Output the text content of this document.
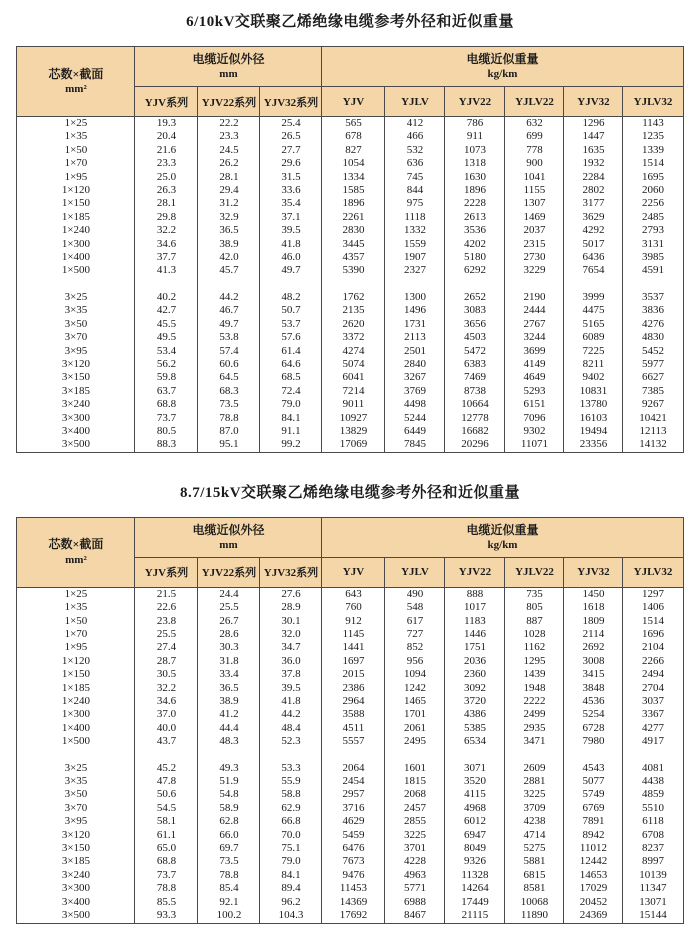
6/10kV交联聚乙烯绝缘电缆参考外径和近似重量
芯数×截面
mm²

电缆近似外径
mm

电缆近似重量
kg/km

	YJV系列	YJV22系列	YJV32系列	YJV	YJLV	YJV22	YJLV22	YJV32	YJLV32
1×25	19.3	22.2	25.4	565	412	786	632	1296	1143
1×35	20.4	23.3	26.5	678	466	911	699	1447	1235
1×50	21.6	24.5	27.7	827	532	1073	778	1635	1339
1×70	23.3	26.2	29.6	1054	636	1318	900	1932	1514
1×95	25.0	28.1	31.5	1334	745	1630	1041	2284	1695
1×120	26.3	29.4	33.6	1585	844	1896	1155	2802	2060
1×150	28.1	31.2	35.4	1896	975	2228	1307	3177	2256
1×185	29.8	32.9	37.1	2261	1118	2613	1469	3629	2485
1×240	32.2	36.5	39.5	2830	1332	3536	2037	4292	2793
1×300	34.6	38.9	41.8	3445	1559	4202	2315	5017	3131
1×400	37.7	42.0	46.0	4357	1907	5180	2730	6436	3985
1×500	41.3	45.7	49.7	5390	2327	6292	3229	7654	4591

3×25	40.2	44.2	48.2	1762	1300	2652	2190	3999	3537
3×35	42.7	46.7	50.7	2135	1496	3083	2444	4475	3836
3×50	45.5	49.7	53.7	2620	1731	3656	2767	5165	4276
3×70	49.5	53.8	57.6	3372	2113	4503	3244	6089	4830
3×95	53.4	57.4	61.4	4274	2501	5472	3699	7225	5452
3×120	56.2	60.6	64.6	5074	2840	6383	4149	8211	5977
3×150	59.8	64.5	68.5	6041	3267	7469	4649	9402	6627
3×185	63.7	68.3	72.4	7214	3769	8738	5293	10831	7385
3×240	68.8	73.5	79.0	9011	4498	10664	6151	13780	9267
3×300	73.7	78.8	84.1	10927	5244	12778	7096	16103	10421
3×400	80.5	87.0	91.1	13829	6449	16682	9302	19494	12113
3×500	88.3	95.1	99.2	17069	7845	20296	11071	23356	14132
8.7/15kV交联聚乙烯绝缘电缆参考外径和近似重量
芯数×截面
mm²

电缆近似外径
mm

电缆近似重量
kg/km

	YJV系列	YJV22系列	YJV32系列	YJV	YJLV	YJV22	YJLV22	YJV32	YJLV32
1×25	21.5	24.4	27.6	643	490	888	735	1450	1297
1×35	22.6	25.5	28.9	760	548	1017	805	1618	1406
1×50	23.8	26.7	30.1	912	617	1183	887	1809	1514
1×70	25.5	28.6	32.0	1145	727	1446	1028	2114	1696
1×95	27.4	30.3	34.7	1441	852	1751	1162	2692	2104
1×120	28.7	31.8	36.0	1697	956	2036	1295	3008	2266
1×150	30.5	33.4	37.8	2015	1094	2360	1439	3415	2494
1×185	32.2	36.5	39.5	2386	1242	3092	1948	3848	2704
1×240	34.6	38.9	41.8	2964	1465	3720	2222	4536	3037
1×300	37.0	41.2	44.2	3588	1701	4386	2499	5254	3367
1×400	40.0	44.4	48.4	4511	2061	5385	2935	6728	4277
1×500	43.7	48.3	52.3	5557	2495	6534	3471	7980	4917

3×25	45.2	49.3	53.3	2064	1601	3071	2609	4543	4081
3×35	47.8	51.9	55.9	2454	1815	3520	2881	5077	4438
3×50	50.6	54.8	58.8	2957	2068	4115	3225	5749	4859
3×70	54.5	58.9	62.9	3716	2457	4968	3709	6769	5510
3×95	58.1	62.8	66.8	4629	2855	6012	4238	7891	6118
3×120	61.1	66.0	70.0	5459	3225	6947	4714	8942	6708
3×150	65.0	69.7	75.1	6476	3701	8049	5275	11012	8237
3×185	68.8	73.5	79.0	7673	4228	9326	5881	12442	8997
3×240	73.7	78.8	84.1	9476	4963	11328	6815	14653	10139
3×300	78.8	85.4	89.4	11453	5771	14264	8581	17029	11347
3×400	85.5	92.1	96.2	14369	6988	17449	10068	20452	13071
3×500	93.3	100.2	104.3	17692	8467	21115	11890	24369	15144
